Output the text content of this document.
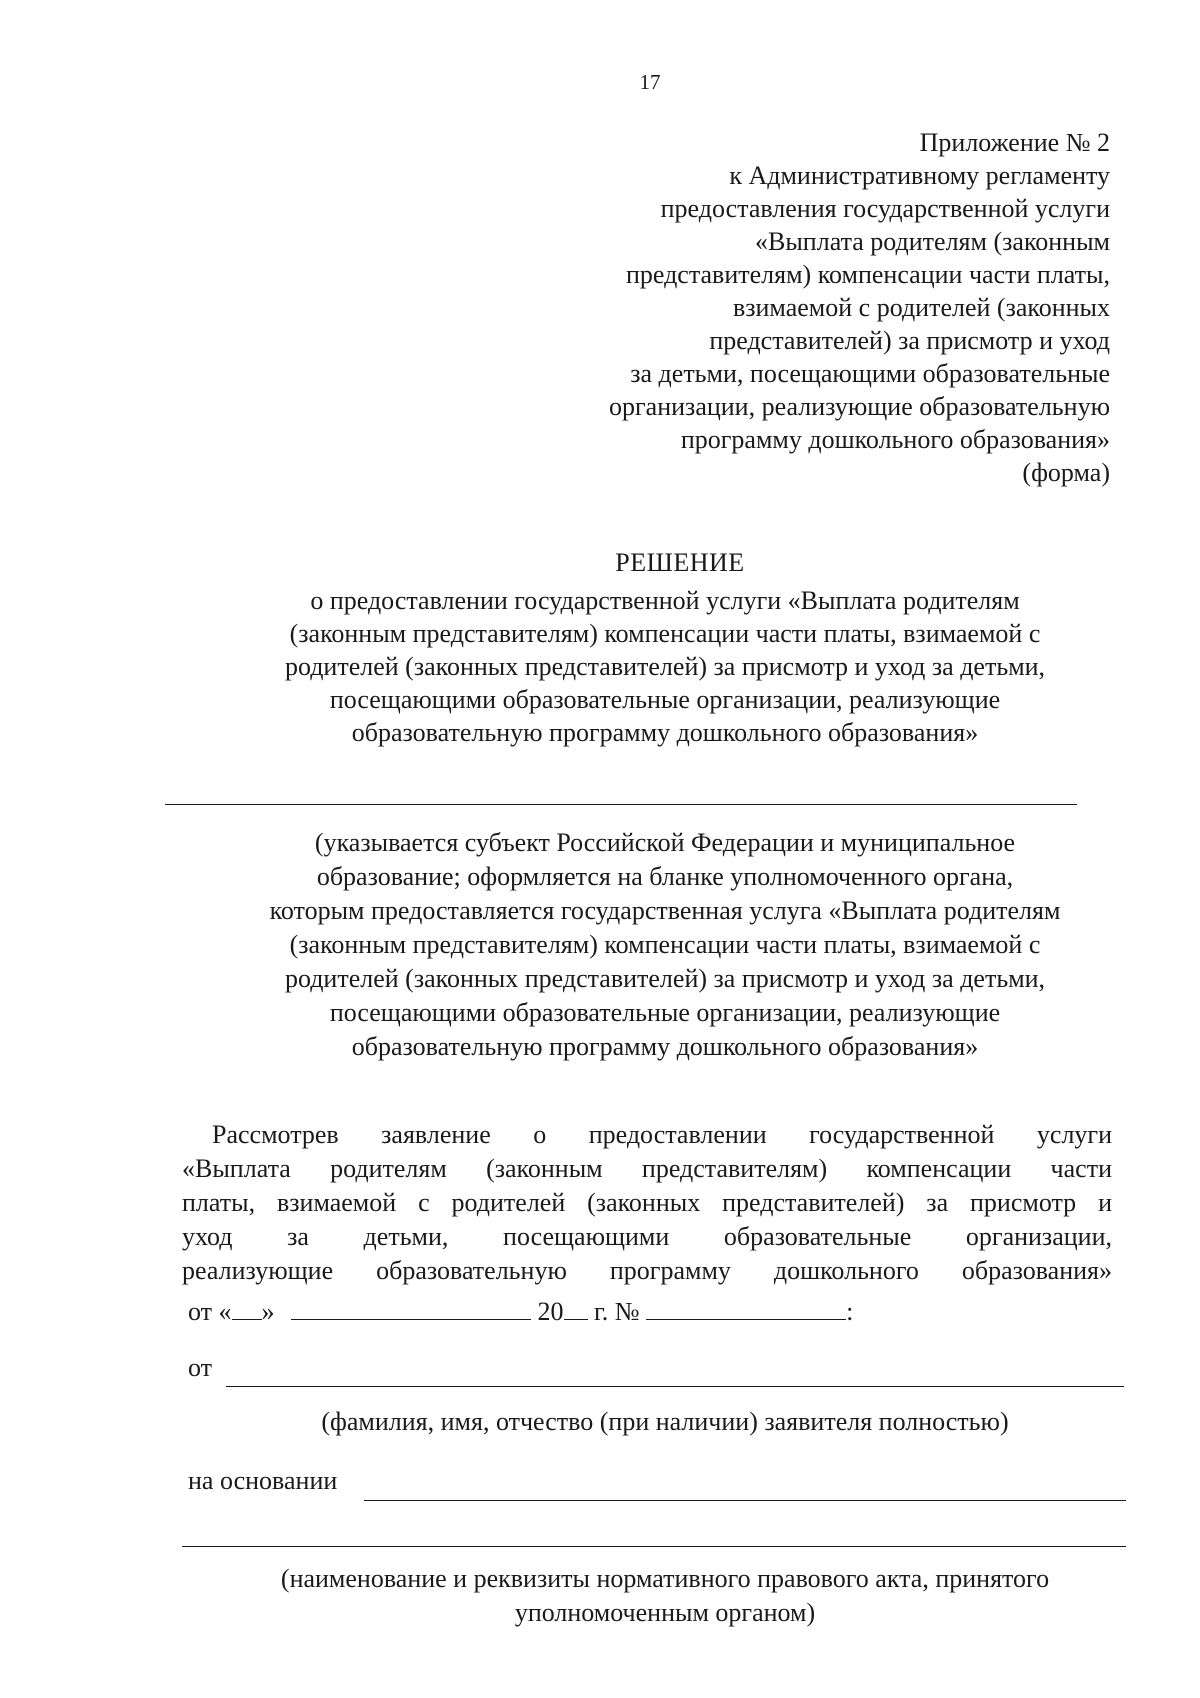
17
Приложение № 2
к Административному регламенту
предоставления государственной услуги
«Выплата родителям (законным
представителям) компенсации части платы,
взимаемой с родителей (законных
представителей) за присмотр и уход
за детьми, посещающими образовательные
организации, реализующие образовательную
программу дошкольного образования»
(форма)
РЕШЕНИЕ
о предоставлении государственной услуги «Выплата родителям
(законным представителям) компенсации части платы, взимаемой с
родителей (законных представителей) за присмотр и уход за детьми,
посещающими образовательные организации, реализующие
образовательную программу дошкольного образования»
(указывается субъект Российской Федерации и муниципальное
образование; оформляется на бланке уполномоченного органа,
которым предоставляется государственная услуга «Выплата родителям
(законным представителям) компенсации части платы, взимаемой с
родителей (законных представителей) за присмотр и уход за детьми,
посещающими образовательные организации, реализующие
образовательную программу дошкольного образования»
Рассмотрев заявление о предоставлении государственной услуги
«Выплата родителям (законным представителям) компенсации части
платы, взимаемой с родителей (законных представителей) за присмотр и
уход за детьми, посещающими образовательные организации,
реализующие образовательную программу дошкольного образования»
от « »	20 г. №	:
от
(фамилия, имя, отчество (при наличии) заявителя полностью)
на основании
(наименование и реквизиты нормативного правового акта, принятого
уполномоченным органом)
